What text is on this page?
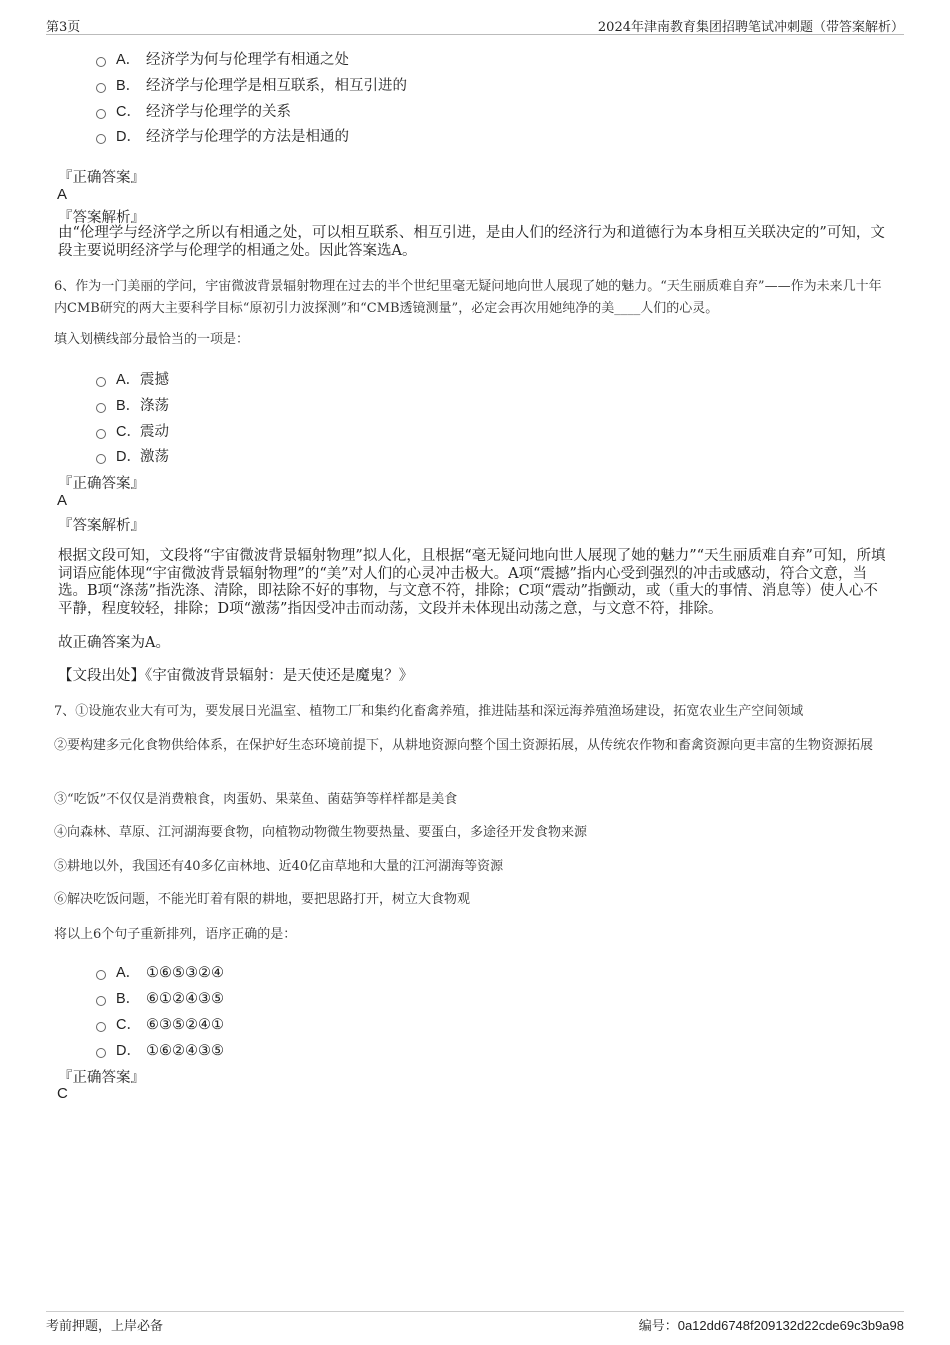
第3页	2024年津南教育集团招聘笔试冲刺题（带答案解析）
A． 经济学为何与伦理学有相通之处
B． 经济学与伦理学是相互联系，相互引进的
C． 经济学与伦理学的关系
D． 经济学与伦理学的方法是相通的
『正确答案』
A
『答案解析』
由“伦理学与经济学之所以有相通之处，可以相互联系、相互引进，是由人们的经济行为和道德行为本身相互关联决定的”可知，文段主要说明经济学与伦理学的相通之处。因此答案选A。
6、作为一门美丽的学问，宇宙微波背景辐射物理在过去的半个世纪里毫无疑问地向世人展现了她的魅力。“天生丽质难自弃”——作为未来几十年内CMB研究的两大主要科学目标“原初引力波探测”和“CMB透镜测量”，必定会再次用她纯净的美____人们的心灵。
填入划横线部分最恰当的一项是：
A．震撼
B．涤荡
C．震动
D．激荡
『正确答案』
A
『答案解析』
根据文段可知，文段将“宇宙微波背景辐射物理”拟人化，且根据“毫无疑问地向世人展现了她的魅力”“天生丽质难自弃”可知，所填词语应能体现“宇宙微波背景辐射物理”的“美”对人们的心灵冲击极大。A项“震撼”指内心受到强烈的冲击或感动，符合文意，当选。B项“涤荡”指洗涤、清除，即祛除不好的事物，与文意不符，排除；C项“震动”指颤动，或（重大的事情、消息等）使人心不平静，程度较轻，排除；D项“激荡”指因受冲击而动荡，文段并未体现出动荡之意，与文意不符，排除。
故正确答案为A。
【文段出处】《宇宙微波背景辐射：是天使还是魔鬼？》
7、①设施农业大有可为，要发展日光温室、植物工厂和集约化畜禽养殖，推进陆基和深远海养殖渔场建设，拓宽农业生产空间领域
②要构建多元化食物供给体系，在保护好生态环境前提下，从耕地资源向整个国土资源拓展，从传统农作物和畜禽资源向更丰富的生物资源拓展
③“吃饭”不仅仅是消费粮食，肉蛋奶、果菜鱼、菌菇笋等样样都是美食
④向森林、草原、江河湖海要食物，向植物动物微生物要热量、要蛋白，多途径开发食物来源
⑤耕地以外，我国还有40多亿亩林地、近40亿亩草地和大量的江河湖海等资源
⑥解决吃饭问题，不能光盯着有限的耕地，要把思路打开，树立大食物观
将以上6个句子重新排列，语序正确的是：
A． ①⑥⑤③②④
B． ⑥①②④③⑤
C． ⑥③⑤②④①
D． ①⑥②④③⑤
『正确答案』
C
考前押题，上岸必备	编号：0a12dd6748f209132d22cde69c3b9a98
